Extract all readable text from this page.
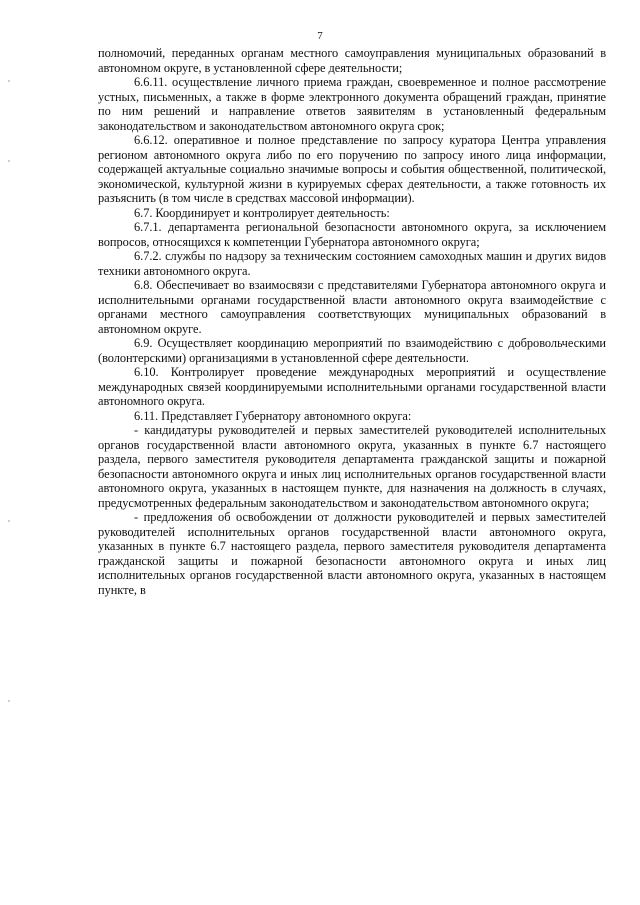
7

полномочий, переданных органам местного самоуправления муниципальных образований в автономном округе, в установленной сфере деятельности;

6.6.11. осуществление личного приема граждан, своевременное и полное рассмотрение устных, письменных, а также в форме электронного документа обращений граждан, принятие по ним решений и направление ответов заявителям в установленный федеральным законодательством и законодательством автономного округа срок;

6.6.12. оперативное и полное представление по запросу куратора Центра управления регионом автономного округа либо по его поручению по запросу иного лица информации, содержащей актуальные социально значимые вопросы и события общественной, политической, экономической, культурной жизни в курируемых сферах деятельности, а также готовность их разъяснить (в том числе в средствах массовой информации).

6.7. Координирует и контролирует деятельность:

6.7.1. департамента региональной безопасности автономного округа, за исключением вопросов, относящихся к компетенции Губернатора автономного округа;

6.7.2. службы по надзору за техническим состоянием самоходных машин и других видов техники автономного округа.

6.8. Обеспечивает во взаимосвязи с представителями Губернатора автономного округа и исполнительными органами государственной власти автономного округа взаимодействие с органами местного самоуправления соответствующих муниципальных образований в автономном округе.

6.9. Осуществляет координацию мероприятий по взаимодействию с добровольческими (волонтерскими) организациями в установленной сфере деятельности.

6.10. Контролирует проведение международных мероприятий и осуществление международных связей координируемыми исполнительными органами государственной власти автономного округа.

6.11. Представляет Губернатору автономного округа:

- кандидатуры руководителей и первых заместителей руководителей исполнительных органов государственной власти автономного округа, указанных в пункте 6.7 настоящего раздела, первого заместителя руководителя департамента гражданской защиты и пожарной безопасности автономного округа и иных лиц исполнительных органов государственной власти автономного округа, указанных в настоящем пункте, для назначения на должность в случаях, предусмотренных федеральным законодательством и законодательством автономного округа;

- предложения об освобождении от должности руководителей и первых заместителей руководителей исполнительных органов государственной власти автономного округа, указанных в пункте 6.7 настоящего раздела, первого заместителя руководителя департамента гражданской защиты и пожарной безопасности автономного округа и иных лиц исполнительных органов государственной власти автономного округа, указанных в настоящем пункте, в
